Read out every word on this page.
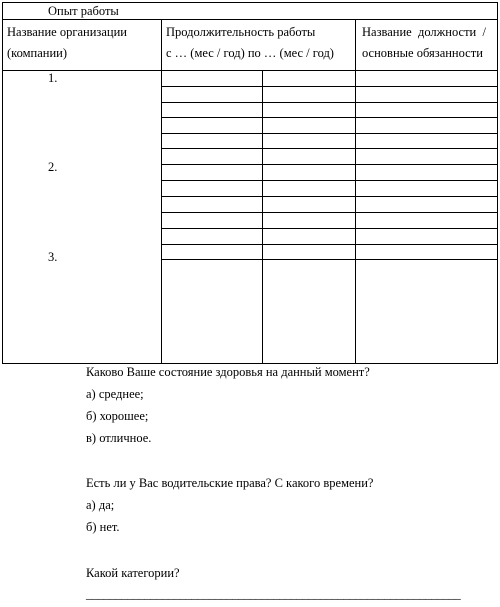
Опыт работы
Название организации
(компании)
Продолжительность работы
с … (мес / год) по … (мес / год)
Название  должности  /
основные обязанности
1.
2.
3.
Каково Ваше состояние здоровья на данный момент?
а) среднее;
б) хорошее;
в) отличное.
Есть ли у Вас водительские права? С какого времени?
а) да;
б) нет.
Какой категории?
________________________________________________________________
